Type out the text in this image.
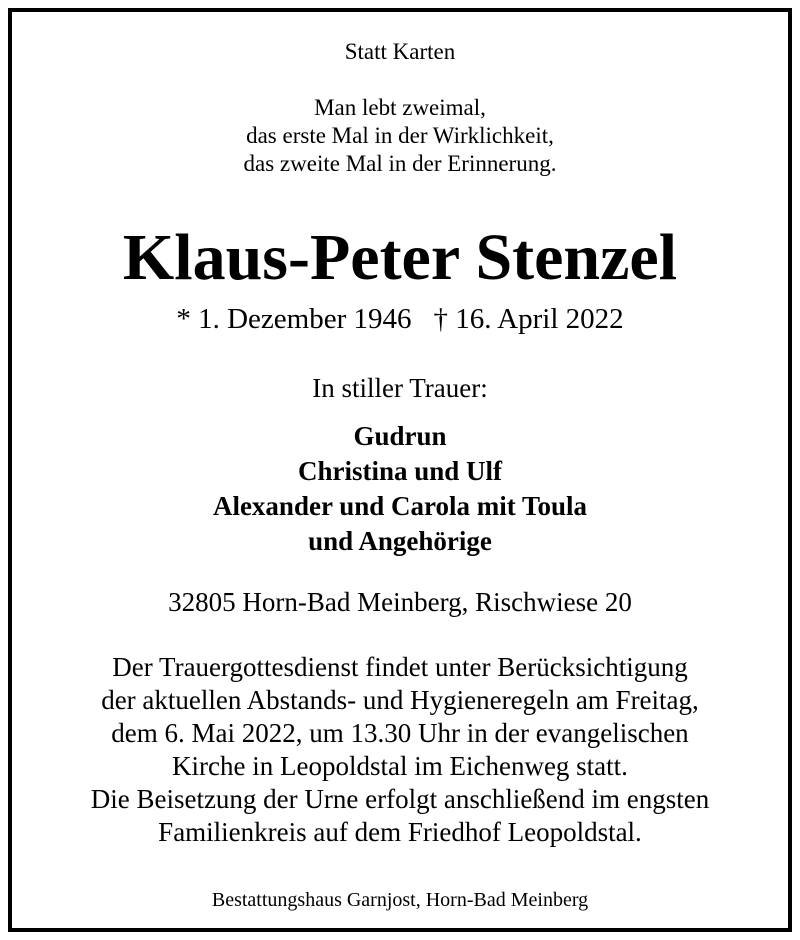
Statt Karten
Man lebt zweimal,
das erste Mal in der Wirklichkeit,
das zweite Mal in der Erinnerung.
Klaus-Peter Stenzel
* 1. Dezember 1946 † 16. April 2022
In stiller Trauer:
Gudrun
Christina und Ulf
Alexander und Carola mit Toula
und Angehörige
32805 Horn-Bad Meinberg, Rischwiese 20
Der Trauergottesdienst findet unter Berücksichtigung
der aktuellen Abstands- und Hygieneregeln am Freitag,
dem 6. Mai 2022, um 13.30 Uhr in der evangelischen
Kirche in Leopoldstal im Eichenweg statt.
Die Beisetzung der Urne erfolgt anschließend im engsten
Familienkreis auf dem Friedhof Leopoldstal.
Bestattungshaus Garnjost, Horn-Bad Meinberg
